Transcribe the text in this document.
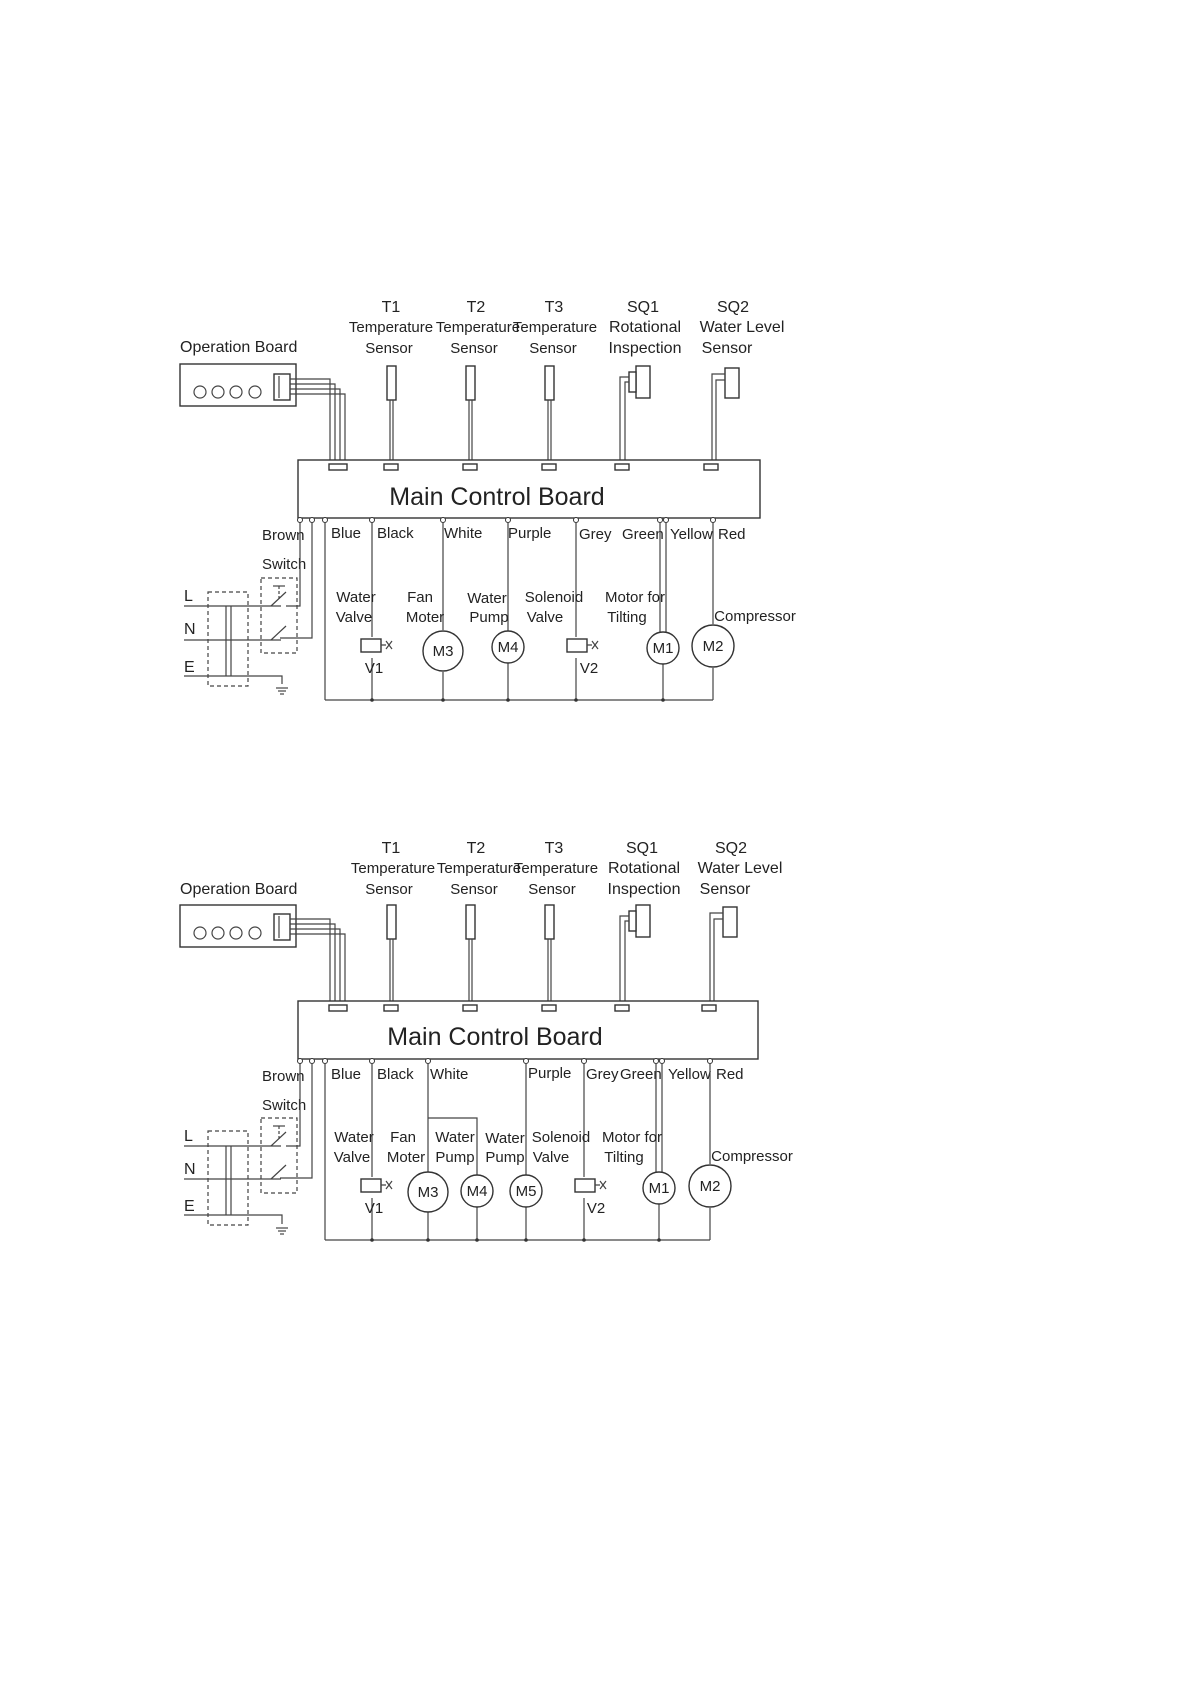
T1
Temperature
Sensor
T2
Temperature
Sensor
T3
Temperature
Sensor
SQ1
Rotational
Inspection
SQ2
Water Level
Sensor
Operation Board
Main Control Board
Brown Blue Black White Purple Grey Green Yellow Red
L
N
E
Switch
Water
Valve
Fan
Moter
Water
Pump
Solenoid
Valve
Motor for
Tilting	Compressor
V1
M3	M4
V2
M1 M2
T1
Temperature
Sensor
T2
Temperature
Sensor
T3
Temperature
Sensor
SQ1
Rotational
Inspection
SQ2
Water Level
Sensor
Operation Board
Main Control Board
Brown Blue Black White	Purple Grey Green Yellow Red
L
N
E
Switch
Water
Valve
Fan
Moter
Water
Pump
Water
Pump
Solenoid
Valve
Motor for
Tilting	Compressor
V1
M3 M4 M5
V2
M1 M2
